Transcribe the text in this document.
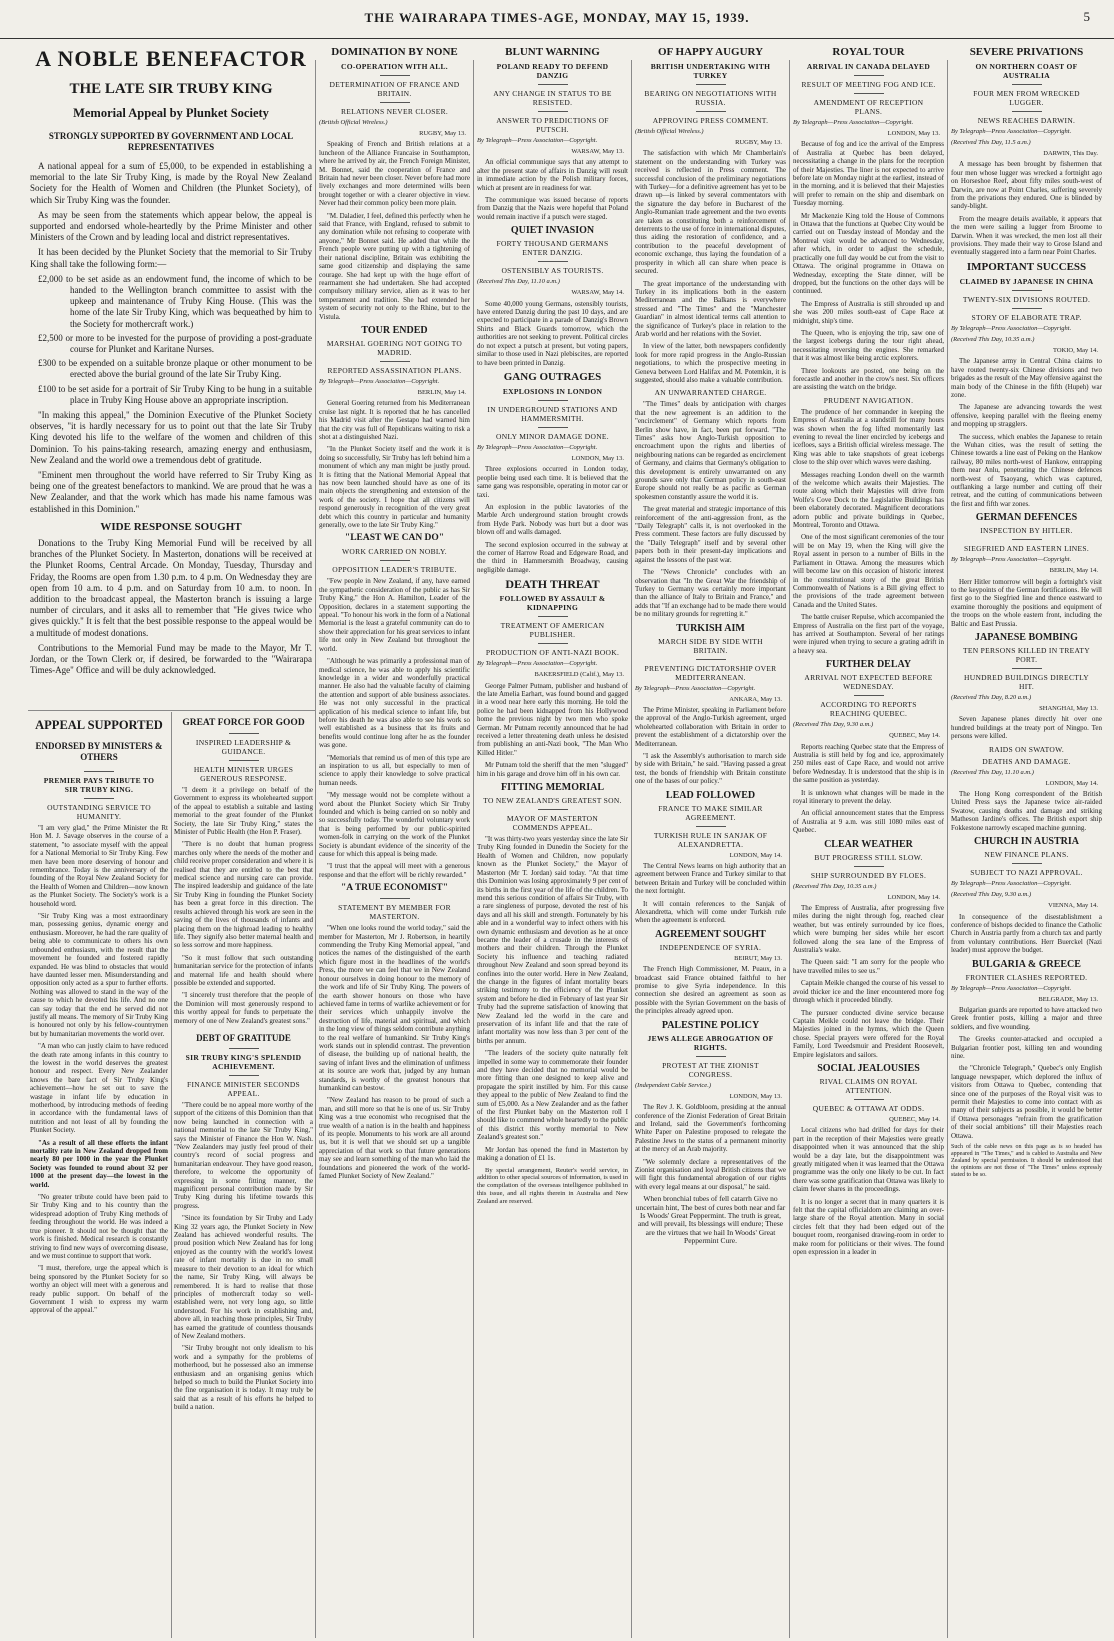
THE WAIRARAPA TIMES-AGE, MONDAY, MAY 15, 1939.	5
A NOBLE BENEFACTOR
THE LATE SIR TRUBY KING
Memorial Appeal by Plunket Society
STRONGLY SUPPORTED BY GOVERNMENT AND LOCAL REPRESENTATIVES

A national appeal for a sum of £5,000, to be expended in establishing a memorial to the late Sir Truby King, is made by the Royal New Zealand Society for the Health of Women and Children (the Plunket Society), of which Sir Truby King was the founder.

As may be seen from the statements which appear below, the appeal is supported and endorsed whole-heartedly by the Prime Minister and other Ministers of the Crown and by leading local and district representatives.

It has been decided by the Plunket Society that the memorial to Sir Truby King shall take the following form:—

£2,000 to be set aside as an endowment fund, the income of which to be handed to the Wellington branch committee to assist with the upkeep and maintenance of Truby King House. (This was the home of the late Sir Truby King, which was bequeathed by him to the Society for mothercraft work.)
£2,500 or more to be invested for the purpose of providing a post-graduate course for Plunket and Karitane Nurses.
£300 to be expended on a suitable bronze plaque or other monument to be erected above the burial ground of the late Sir Truby King.
£100 to be set aside for a portrait of Sir Truby King to be hung in a suitable place in Truby King House above an appropriate inscription.

"In making this appeal," the Dominion Executive of the Plunket Society observes, "it is hardly necessary for us to point out that the late Sir Truby King devoted his life to the welfare of the women and children of this Dominion. To his pains-taking research, amazing energy and enthusiasm, New Zealand and the world owe a tremendous debt of gratitude.

"Eminent men throughout the world have referred to Sir Truby King as being one of the greatest benefactors to mankind. We are proud that he was a New Zealander, and that the work which has made his name famous was established in this Dominion."

WIDE RESPONSE SOUGHT

Donations to the Truby King Memorial Fund will be received by all branches of the Plunket Society. In Masterton, donations will be received at the Plunket Rooms, Central Arcade. On Monday, Tuesday, Thursday and Friday, the Rooms are open from 1.30 p.m. to 4 p.m. On Wednesday they are open from 10 a.m. to 4 p.m. and on Saturday from 10 a.m. to noon. In addition to the broadcast appeal, the Masterton branch is issuing a large number of circulars, and it asks all to remember that "He gives twice who gives quickly." It is felt that the best possible response to the appeal would be a multitude of modest donations.

Contributions to the Memorial Fund may be made to the Mayor, Mr T. Jordan, or the Town Clerk or, if desired, be forwarded to the "Wairarapa Times-Age" Office and will be duly acknowledged.

APPEAL SUPPORTED
ENDORSED BY MINISTERS & OTHERS
PREMIER PAYS TRIBUTE TO SIR TRUBY KING.
OUTSTANDING SERVICE TO HUMANITY.

"I am very glad," the Prime Minister the Rt Hon M. J. Savage observes in the course of a statement, "to associate myself with the appeal for a National Memorial to Sir Truby King. Few men have been more deserving of honour and remembrance. Today is the anniversary of the founding of the Royal New Zealand Society for the Health of Women and Children—now known as the Plunket Society. The Society's work is a household word.

"Sir Truby King was a most extraordinary man, possessing genius, dynamic energy and enthusiasm. Moreover, he had the rare quality of being able to communicate to others his own unbounded enthusiasm, with the result that the movement he founded and fostered rapidly expanded. He was blind to obstacles that would have daunted lesser men. Misunderstanding and opposition only acted as a spur to further efforts. Nothing was allowed to stand in the way of the cause to which he devoted his life. And no one can say today that the end he served did not justify all means. The memory of Sir Truby King is honoured not only by his fellow-countrymen but by humanitarian movements the world over.

"A man who can justly claim to have reduced the death rate among infants in this country to the lowest in the world deserves the greatest honour and respect. Every New Zealander knows the bare fact of Sir Truby King's achievement—how he set out to save the wastage in infant life by education in motherhood, by introducing methods of feeding in accordance with the fundamental laws of nutrition and not least of all by founding the Plunket Society.

"As a result of all these efforts the infant mortality rate in New Zealand dropped from nearly 80 per 1000 in the year the Plunket Society was founded to round about 32 per 1000 at the present day—the lowest in the world.

"No greater tribute could have been paid to Sir Truby King and to his country than the widespread adoption of Truby King methods of feeding throughout the world. He was indeed a true pioneer. It should not be thought that the work is finished. Medical research is constantly striving to find new ways of overcoming disease, and we must continue to support that work.

"I must, therefore, urge the appeal which is being sponsored by the Plunket Society for so worthy an object will meet with a generous and ready public support. On behalf of the Government I wish to express my warm approval of the appeal."

GREAT FORCE FOR GOOD
INSPIRED LEADERSHIP & GUIDANCE.
HEALTH MINISTER URGES GENEROUS RESPONSE.

"I deem it a privilege on behalf of the Government to express its wholehearted support of the appeal to establish a suitable and lasting memorial to the great founder of the Plunket Society, the late Sir Truby King," states the Minister of Public Health (the Hon P. Fraser).

"There is no doubt that human progress marches only where the needs of the mother and child receive proper consideration and where it is realised that they are entitled to the best that medical science and nursing care can provide. The inspired leadership and guidance of the late Sir Truby King in founding the Plunket Society has been a great force in this direction. The results achieved through his work are seen in the saving of the lives of thousands of infants and placing them on the highroad leading to healthy life. They signify also better maternal health and so less sorrow and more happiness.

"So it must follow that such outstanding humanitarian service for the protection of infants and maternal life and health should where possible be extended and supported.

"I sincerely trust therefore that the people of the Dominion will most generously respond to this worthy appeal for funds to perpetuate the memory of one of New Zealand's greatest sons."

DEBT OF GRATITUDE
SIR TRUBY KING'S SPLENDID ACHIEVEMENT.
FINANCE MINISTER SECONDS APPEAL.

"There could be no appeal more worthy of the support of the citizens of this Dominion than that now being launched in connection with a national memorial to the late Sir Truby King," says the Minister of Finance the Hon W. Nash. "New Zealanders may justly feel proud of their country's record of social progress and humanitarian endeavour. They have good reason, therefore, to welcome the opportunity of expressing in some fitting manner, the magnificent personal contribution made by Sir Truby King during his lifetime towards this progress.

"Since its foundation by Sir Truby and Lady King 32 years ago, the Plunket Society in New Zealand has achieved wonderful results. The proud position which New Zealand has for long enjoyed as the country with the world's lowest rate of infant mortality is due in no small measure to their devotion to an ideal for which the name, Sir Truby King, will always be remembered. It is hard to realise that those principles of mothercraft today so well-established were, not very long ago, so little understood. For his work in establishing and, above all, in teaching those principles, Sir Truby has earned the gratitude of countless thousands of New Zealand mothers.

"Sir Truby brought not only idealism to his work and a sympathy for the problems of motherhood, but he possessed also an immense enthusiasm and an organising genius which helped so much to build the Plunket Society into the fine organisation it is today. It may truly be said that as a result of his efforts he helped to build a nation.

DOMINATION BY NONE
CO-OPERATION WITH ALL.
DETERMINATION OF FRANCE AND BRITAIN.
RELATIONS NEVER CLOSER.
(British Official Wireless.)
RUGBY, May 13.

Speaking of French and British relations at a luncheon of the Alliance Francaise in Southampton, where he arrived by air, the French Foreign Minister, M. Bonnet, said the cooperation of France and Britain had never been closer. Never before had more lively exchanges and more determined wills been brought together or with a clearer objective in view. Never had their common policy been more plain.

"M. Daladier, I feel, defined this perfectly when he said that France, with England, refused to submit to any domination while not refusing to cooperate with anyone," Mr Bonnet said. He added that while the French people were putting up with a tightening of their national discipline, Britain was exhibiting the same good citizenship and displaying the same courage. She had kept up with the huge effort of rearmament she had undertaken. She had accepted compulsory military service, alien as it was to her temperament and tradition. She had extended her system of security not only to the Rhine, but to the Vistula.

TOUR ENDED
MARSHAL GOERING NOT GOING TO MADRID.
REPORTED ASSASSINATION PLANS.
By Telegraph—Press Association—Copyright.
BERLIN, May 14.

General Goering returned from his Mediterranean cruise last night. It is reported that he has cancelled his Madrid visit after the Gestapo had warned him that the city was full of Republicans waiting to risk a shot at a distinguished Nazi.

"In the Plunket Society itself and the work it is doing so successfully, Sir Truby has left behind him a monument of which any man might be justly proud. It is fitting that the National Memorial Appeal that has now been launched should have as one of its main objects the strengthening and extension of the work of the society. I hope that all citizens will respond generously in recognition of the very great debt which this country in particular and humanity generally, owe to the late Sir Truby King."

"LEAST WE CAN DO"
WORK CARRIED ON NOBLY.
OPPOSITION LEADER'S TRIBUTE.

"Few people in New Zealand, if any, have earned the sympathetic consideration of the public as has Sir Truby King," the Hon A. Hamilton, Leader of the Opposition, declares in a statement supporting the appeal. "To honour his work in the form of a National Memorial is the least a grateful community can do to show their appreciation for his great services to infant life not only in New Zealand but throughout the world.

"Although he was primarily a professional man of medical science, he was able to apply his scientific knowledge in a wider and wonderfully practical manner. He also had the valuable faculty of claiming the attention and support of able business associates. He was not only successful in the practical application of his medical science to infant life, but before his death he was also able to see his work so well established as a business that its fruits and benefits would continue long after he as the founder was gone.

"Memorials that remind us of men of this type are an inspiration to us all, but especially to men of science to apply their knowledge to solve practical human needs.

"My message would not be complete without a word about the Plunket Society which Sir Truby founded and which is being carried on so nobly and so successfully today. The wonderful voluntary work that is being performed by our public-spirited women-folk in carrying on the work of the Plunket Society is abundant evidence of the sincerity of the cause for which this appeal is being made.

"I trust that the appeal will meet with a generous response and that the effort will be richly rewarded."

"A TRUE ECONOMIST"
STATEMENT BY MEMBER FOR MASTERTON.

"When one looks round the world today," said the member for Masterton, Mr J. Robertson, in heartily commending the Truby King Memorial appeal, "and notices the names of the distinguished of the earth which figure most in the headlines of the world's Press, the more we can feel that we in New Zealand honour ourselves in doing honour to the memory of the work and life of Sir Truby King. The powers of the earth shower honours on those who have achieved fame in terms of warlike achievement or for their services which unhappily involve the destruction of life, material and spiritual, and which in the long view of things seldom contribute anything to the real welfare of humankind. Sir Truby King's work stands out in splendid contrast. The prevention of disease, the building up of national health, the saving of infant lives and the elimination of unfitness at its source are work that, judged by any human standards, is worthy of the greatest honours that humankind can bestow.

"New Zealand has reason to be proud of such a man, and still more so that he is one of us. Sir Truby King was a true economist who recognised that the true wealth of a nation is in the health and happiness of its people. Monuments to his work are all around us, but it is well that we should set up a tangible appreciation of that work so that future generations may see and learn something of the man who laid the foundations and pioneered the work of the world-famed Plunket Society of New Zealand."

BLUNT WARNING
POLAND READY TO DEFEND DANZIG
ANY CHANGE IN STATUS TO BE RESISTED.
ANSWER TO PREDICTIONS OF PUTSCH.
By Telegraph—Press Association—Copyright.
WARSAW, May 13.

An official communique says that any attempt to alter the present state of affairs in Danzig will result in immediate action by the Polish military forces, which at present are in readiness for war.

The communique was issued because of reports from Danzig that the Nazis were hopeful that Poland would remain inactive if a putsch were staged.

QUIET INVASION
FORTY THOUSAND GERMANS ENTER DANZIG.
OSTENSIBLY AS TOURISTS.
(Received This Day, 11.10 a.m.)
WARSAW, May 14.

Some 40,000 young Germans, ostensibly tourists, have entered Danzig during the past 10 days, and are expected to participate in a parade of Danzig's Brown Shirts and Black Guards tomorrow, which the authorities are not seeking to prevent. Political circles do not expect a putsch at present, but voting papers, similar to those used in Nazi plebiscites, are reported to have been printed in Danzig.

GANG OUTRAGES
EXPLOSIONS IN LONDON
IN UNDERGROUND STATIONS AND HAMMERSMITH.
ONLY MINOR DAMAGE DONE.
By Telegraph—Press Association—Copyright.
LONDON, May 13.

Three explosions occurred in London today, peoplie being used each time. It is believed that the same gang was responsible, operating in motor car or taxi.

An explosion in the public lavatories of the Marble Arch underground station brought crowds from Hyde Park. Nobody was hurt but a door was blown off and walls damaged.

The second explosion occurred in the subway at the corner of Harrow Road and Edgeware Road, and the third in Hammersmith Broadway, causing negligible damage.

DEATH THREAT
FOLLOWED BY ASSAULT & KIDNAPPING
TREATMENT OF AMERICAN PUBLISHER.
PRODUCTION OF ANTI-NAZI BOOK.
By Telegraph—Press Association—Copyright.
BAKERSFIELD (Calif.), May 13.

George Palmer Putnam, publisher and husband of the late Amelia Earhart, was found bound and gagged in a wood near here early this morning. He told the police he had been kidnapped from his Hollywood home the previous night by two men who spoke German. Mr Putnam recently announced that he had received a letter threatening death unless he desisted from publishing an anti-Nazi book, "The Man Who Killed Hitler."

Mr Putnam told the sheriff that the men "slugged" him in his garage and drove him off in his own car.

FITTING MEMORIAL
TO NEW ZEALAND'S GREATEST SON.
MAYOR OF MASTERTON COMMENDS APPEAL.

"It was thirty-two years yesterday since the late Sir Truby King founded in Dunedin the Society for the Health of Women and Children, now popularly known as the Plunket Society," the Mayor of Masterton (Mr T. Jordan) said today. "At that time this Dominion was losing approximately 9 per cent of its births in the first year of the life of the children. To mend this serious condition of affairs Sir Truby, with a rare singleness of purpose, devoted the rest of his days and all his skill and strength. Fortunately by his able and in a wonderful way to infect others with his own dynamic enthusiasm and devotion as he at once became the leader of a crusade in the interests of mothers and their children. Through the Plunket Society his influence and teaching radiated throughout New Zealand and soon spread beyond its confines into the outer world. Here in New Zealand, the change in the figures of infant mortality bears striking testimony to the efficiency of the Plunket system and before he died in February of last year Sir Truby had the supreme satisfaction of knowing that New Zealand led the world in the care and preservation of its infant life and that the rate of infant mortality was now less than 3 per cent of the births per annum.

"The leaders of the society quite naturally felt impelled in some way to commemorate their founder and they have decided that no memorial would be more fitting than one designed to keep alive and propagate the spirit instilled by him. For this cause they appeal to the public of New Zealand to find the sum of £5,000. As a New Zealander and as the father of the first Plunket baby on the Masterton roll I should like to commend whole heartedly to the public of this district this worthy memorial to New Zealand's greatest son."

Mr Jordan has opened the fund in Masterton by making a donation of £1 1s.

By special arrangement, Reuter's world service, in addition to other special sources of information, is used in the compilation of the overseas intelligence published in this issue, and all rights therein in Australia and New Zealand are reserved.

OF HAPPY AUGURY
BRITISH UNDERTAKING WITH TURKEY
BEARING ON NEGOTIATIONS WITH RUSSIA.
APPROVING PRESS COMMENT.
(British Official Wireless.)
RUGBY, May 13.

The satisfaction with which Mr Chamberlain's statement on the understanding with Turkey was received is reflected in Press comment. The successful conclusion of the preliminary negotiations with Turkey—for a definitive agreement has yet to be drawn up—is linked by several commentators with the signature the day before in Bucharest of the Anglo-Rumanian trade agreement and the two events are taken as constituting both a reinforcement of deterrents to the use of force in international disputes, thus aiding the restoration of confidence, and a contribution to the peaceful development of economic exchange, thus laying the foundation of a prosperity in which all can share when peace is secured.

The great importance of the understanding with Turkey in its implications both in the eastern Mediterranean and the Balkans is everywhere stressed and "The Times" and the "Manchester Guardian" in almost identical terms call attention to the significance of Turkey's place in relation to the Arab world and her relations with the Soviet.

In view of the latter, both newspapers confidently look for more rapid progress in the Anglo-Russian negotiations, to which the prospective meeting in Geneva between Lord Halifax and M. Potemkin, it is suggested, should also make a valuable contribution.

AN UNWARRANTED CHARGE.

"The Times" deals by anticipation with charges that the new agreement is an addition to the "encirclement" of Germany which reports from Berlin show have, in fact, been put forward. "The Times" asks how Anglo-Turkish opposition to encroachment upon the rights and liberties of neighbouring nations can be regarded as encirclement of Germany, and claims that Germany's obligation to this development is entirely unwarranted on any grounds save only that German policy in south-east Europe should not really be as pacific as German spokesmen constantly assure the world it is.

The great material and strategic importance of this reinforcement of the anti-aggression front, as the "Daily Telegraph" calls it, is not overlooked in the Press comment. These factors are fully discussed by the "Daily Telegraph" itself and by several other papers both in their present-day implications and against the lessons of the past war.

The "News Chronicle" concludes with an observation that "In the Great War the friendship of Turkey to Germany was certainly more important than the alliance of Italy to Britain and France," and adds that "If an exchange had to be made there would be no military grounds for regretting it."

TURKISH AIM
MARCH SIDE BY SIDE WITH BRITAIN.
PREVENTING DICTATORSHIP OVER MEDITERRANEAN.
By Telegraph—Press Association—Copyright.
ANKARA, May 13.

The Prime Minister, speaking in Parliament before the approval of the Anglo-Turkish agreement, urged wholehearted collaboration with Britain in order to prevent the establishment of a dictatorship over the Mediterranean.

"I ask the Assembly's authorisation to march side by side with Britain," he said. "Having passed a great test, the bonds of friendship with Britain constitute one of the bases of our policy."

LEAD FOLLOWED
FRANCE TO MAKE SIMILAR AGREEMENT.
TURKISH RULE IN SANJAK OF ALEXANDRETTA.
LONDON, May 14.

The Central News learns on high authority that an agreement between France and Turkey similar to that between Britain and Turkey will be concluded within the next fortnight.

It will contain references to the Sanjak of Alexandretta, which will come under Turkish rule when the agreement is enforced.

AGREEMENT SOUGHT
INDEPENDENCE OF SYRIA.
BEIRUT, May 13.

The French High Commissioner, M. Puaux, in a broadcast said France obtained faithful to her promise to give Syria independence. In this connection she desired an agreement as soon as possible with the Syrian Government on the basis of the principles already agreed upon.

PALESTINE POLICY
JEWS ALLEGE ABROGATION OF RIGHTS.
PROTEST AT THE ZIONIST CONGRESS.
(Independent Cable Service.)
LONDON, May 13.

The Rev J. K. Goldbloom, presiding at the annual conference of the Zionist Federation of Great Britain and Ireland, said the Government's forthcoming White Paper on Palestine proposed to relegate the Palestine Jews to the status of a permanent minority at the mercy of an Arab majority.

"We solemnly declare a representatives of the Zionist organisation and loyal British citizens that we will fight this fundamental abrogation of our rights with every legal means at our disposal," he said.

When bronchial tubes of fell catarrh Give no uncertain hint, The best of cures both near and far Is Woods' Great Peppermint. The truth is great, and will prevail, Its blessings will endure; These are the virtues that we hail In Woods' Great Peppermint Cure.

ROYAL TOUR
ARRIVAL IN CANADA DELAYED
RESULT OF MEETING FOG AND ICE.
AMENDMENT OF RECEPTION PLANS.
By Telegraph—Press Association—Copyright.
LONDON, May 13.

Because of fog and ice the arrival of the Empress of Australia at Quebec has been delayed, necessitating a change in the plans for the reception of their Majesties. The liner is not expected to arrive before late on Monday night at the earliest, instead of in the morning, and it is believed that their Majesties will prefer to remain on the ship and disembark on Tuesday morning.

Mr Mackenzie King told the House of Commons in Ottawa that the functions at Quebec City would be carried out on Tuesday instead of Monday and the Montreal visit would be advanced to Wednesday, after which, in order to adjust the schedule, practically one full day would be cut from the visit to Ottawa. The original programme in Ottawa on Wednesday, excepting the State dinner, will be dropped, but the functions on the other days will be continued.

The Empress of Australia is still shrouded up and she was 200 miles south-east of Cape Race at midnight, ship's time.

The Queen, who is enjoying the trip, saw one of the largest icebergs during the tour right ahead, necessitating reversing the engines. She remarked that it was almost like being arctic explorers.

Three lookouts are posted, one being on the forecastle and another in the crow's nest. Six officers are assisting the watch on the bridge.

PRUDENT NAVIGATION.

The prudence of her commander in keeping the Empress of Australia at a standstill for many hours was shown when the fog lifted momentarily last evening to reveal the liner encircled by icebergs and icefloes, says a British official wireless message. The King was able to take snapshots of great icebergs close to the ship over which waves were dashing.

Messages reaching London dwell on the warmth of the welcome which awaits their Majesties. The route along which their Majesties will drive from Wolfe's Cove Dock to the Legislative Buildings has been elaborately decorated. Magnificent decorations adorn public and private buildings in Quebec, Montreal, Toronto and Ottawa.

One of the most significant ceremonies of the tour will be on May 19, when the King will give the Royal assent in person to a number of Bills in the Parliament in Ottawa. Among the measures which will become law on this occasion of historic interest in the constitutional story of the great British Commonwealth of Nations is a Bill giving effect to the provisions of the trade agreement between Canada and the United States.

The battle cruiser Repulse, which accompanied the Empress of Australia on the first part of the voyage, has arrived at Southampton. Several of her ratings were injured when trying to secure a grating adrift in a heavy sea.

FURTHER DELAY
ARRIVAL NOT EXPECTED BEFORE WEDNESDAY.
ACCORDING TO REPORTS REACHING QUEBEC.
(Received This Day, 9.30 a.m.)
QUEBEC, May 14.

Reports reaching Quebec state that the Empress of Australia is still held by fog and ice, approximately 250 miles east of Cape Race, and would not arrive before Wednesday. It is understood that the ship is in the same position as yesterday.

It is unknown what changes will be made in the royal itinerary to prevent the delay.

An official announcement states that the Empress of Australia at 9 a.m. was still 1080 miles east of Quebec.

CLEAR WEATHER
BUT PROGRESS STILL SLOW.
SHIP SURROUNDED BY FLOES.
(Received This Day, 10.35 a.m.)
LONDON, May 14.

The Empress of Australia, after progressing five miles during the night through fog, reached clear weather, but was entirely surrounded by ice floes, which were bumping her sides while her escort followed along the sea lane of the Empress of Australia's wake.

The Queen said: "I am sorry for the people who have travelled miles to see us."

Captain Meikle changed the course of his vessel to avoid thicker ice and the liner encountered more fog through which it proceeded blindly.

The pursuer conducted divine service because Captain Meikle could not leave the bridge. Their Majesties joined in the hymns, which the Queen chose. Special prayers were offered for the Royal Family, Lord Tweedsmuir and President Roosevelt, Empire legislators and sailors.

SOCIAL JEALOUSIES
RIVAL CLAIMS ON ROYAL ATTENTION.
QUEBEC & OTTAWA AT ODDS.
QUEBEC, May 14.

Local citizens who had drilled for days for their part in the reception of their Majesties were greatly disappointed when it was announced that the ship would be a day late, but the disappointment was greatly mitigated when it was learned that the Ottawa programme was the only one likely to be cut. In fact there was some gratification that Ottawa was likely to claim fewer shares in the proceedings.

It is no longer a secret that in many quarters it is felt that the capital officialdom are claiming an over-large share of the Royal attention. Many in social circles felt that they had been edged out of the bouquet room, reorganised drawing-room in order to make room for politicians or their wives. The found open expression in a leader in

SEVERE PRIVATIONS
ON NORTHERN COAST OF AUSTRALIA
FOUR MEN FROM WRECKED LUGGER.
NEWS REACHES DARWIN.
By Telegraph—Press Association—Copyright.
(Received This Day, 11.5 a.m.)
DARWIN, This Day.

A message has been brought by fishermen that four men whose lugger was wrecked a fortnight ago on Horseshoe Reef, about fifty miles south-west of Darwin, are now at Point Charles, suffering severely from the privations they endured. One is blinded by sandy-blight.

From the meagre details available, it appears that the men were sailing a lugger from Broome to Darwin. When it was wrecked, the men lost all their provisions. They made their way to Grose Island and eventually staggered into a farm near Point Charles.

IMPORTANT SUCCESS
CLAIMED BY JAPANESE IN CHINA
TWENTY-SIX DIVISIONS ROUTED.
STORY OF ELABORATE TRAP.
By Telegraph—Press Association—Copyright.
(Received This Day, 10.35 a.m.)
TOKIO, May 14.

The Japanese army in Central China claims to have routed twenty-six Chinese divisions and two brigades as the result of the May offensive against the main body of the Chinese in the fifth (Hupeh) war zone.

The Japanese are advancing towards the west offensive, keeping parallel with the fleeing enemy and mopping up stragglers.

The success, which enables the Japanese to retain the Wuhan cities, was the result of setting the Chinese towards a line east of Peking on the Hankow railway, 80 miles north-west of Hankow, entrapping them near Anlu, penetrating the Chinese defences north-west of Tsaoyang, which was captured, outflanking a large number and cutting off their retreat, and the cutting of communications between the first and fifth war zones.

GERMAN DEFENCES
INSPECTION BY HITLER.
SIEGFRIED AND EASTERN LINES.
By Telegraph—Press Association—Copyright.
BERLIN, May 14.

Herr Hitler tomorrow will begin a fortnight's visit to the keypoints of the German fortifications. He will first go to the Siegfried line and thence eastward to examine thoroughly the positions and equipment of the troops on the whole eastern front, including the Baltic and East Prussia.

JAPANESE BOMBING
TEN PERSONS KILLED IN TREATY PORT.
HUNDRED BUILDINGS DIRECTLY HIT.
(Received This Day, 8.20 a.m.)
SHANGHAI, May 13.

Seven Japanese planes directly hit over one hundred buildings at the treaty port of Ningpo. Ten persons were killed.

RAIDS ON SWATOW.
DEATHS AND DAMAGE.
(Received This Day, 11.10 a.m.)
LONDON, May 14.

The Hong Kong correspondent of the British United Press says the Japanese twice air-raided Swatow, causing deaths and damage and striking Matheson Jardine's offices. The British export ship Fokkestone narrowly escaped machine gunning.

CHURCH IN AUSTRIA
NEW FINANCE PLANS.
SUBJECT TO NAZI APPROVAL.
By Telegraph—Press Association—Copyright.
(Received This Day, 9.30 a.m.)
VIENNA, May 14.

In consequence of the disestablishment a conference of bishops decided to finance the Catholic Church in Austria partly from a church tax and partly from voluntary contributions. Herr Buerckel (Nazi leader) must approve the budget.

BULGARIA & GREECE
FRONTIER CLASHES REPORTED.
By Telegraph—Press Association—Copyright.
BELGRADE, May 13.

Bulgarian guards are reported to have attacked two Greek frontier posts, killing a major and three soldiers, and five wounding.

The Greeks counter-attacked and occupied a Bulgarian frontier post, killing ten and wounding nine.

the "Chronicle Telegraph," Quebec's only English language newspaper, which deplored the influx of visitors from Ottawa to Quebec, contending that since one of the purposes of the Royal visit was to permit their Majesties to come into contact with as many of their subjects as possible, it would be better if Ottawa personages "refrain from the gratification of their social ambitions" till their Majesties reach Ottawa.

Such of the cable news on this page as is so headed has appeared in "The Times," and is cabled to Australia and New Zealand by special permission. It should be understood that the opinions are not those of "The Times" unless expressly stated to be so.
